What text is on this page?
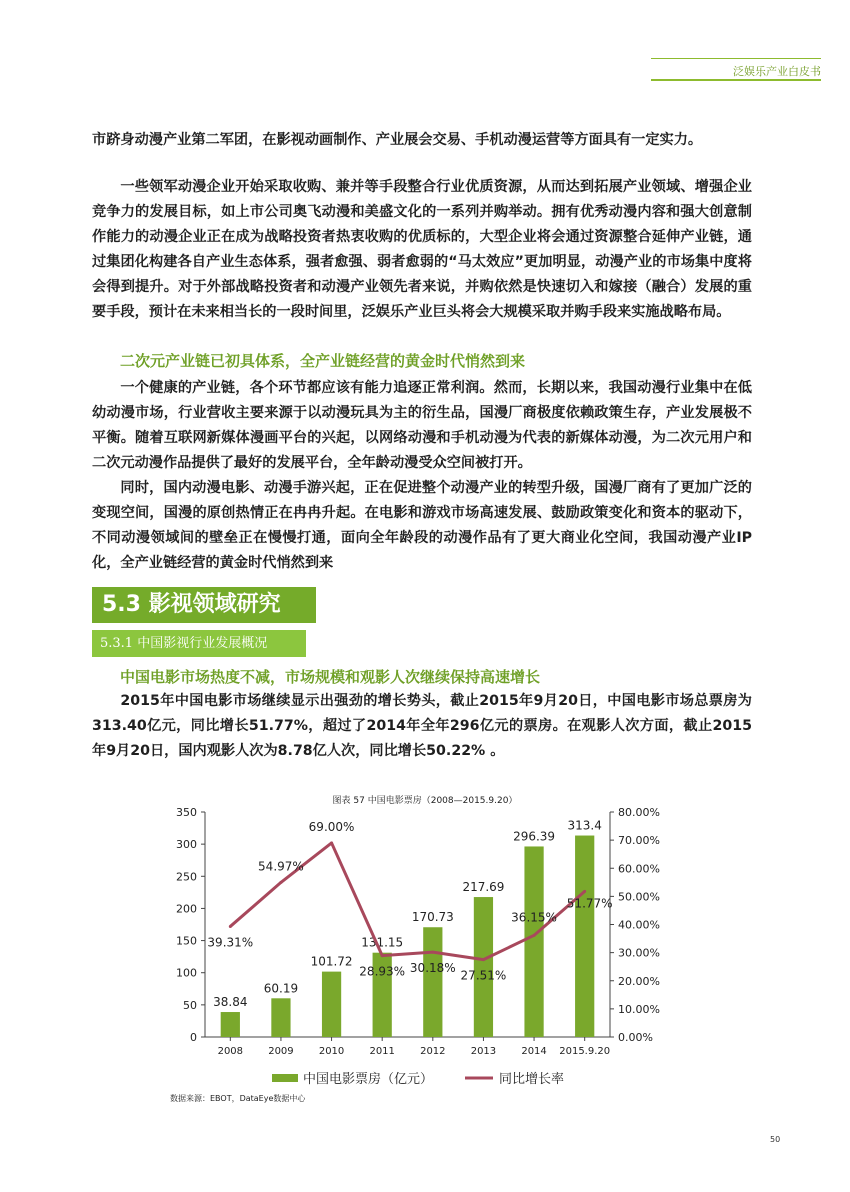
泛娱乐产业白皮书

市跻身动漫产业第二军团，在影视动画制作、产业展会交易、手机动漫运营等方面具有一定实力。

一些领军动漫企业开始采取收购、兼并等手段整合行业优质资源，从而达到拓展产业领域、增强企业竞争力的发展目标，如上市公司奥飞动漫和美盛文化的一系列并购举动。拥有优秀动漫内容和强大创意制作能力的动漫企业正在成为战略投资者热衷收购的优质标的，大型企业将会通过资源整合延伸产业链，通过集团化构建各自产业生态体系，强者愈强、弱者愈弱的“马太效应”更加明显，动漫产业的市场集中度将会得到提升。对于外部战略投资者和动漫产业领先者来说，并购依然是快速切入和嫁接（融合）发展的重要手段，预计在未来相当长的一段时间里，泛娱乐产业巨头将会大规模采取并购手段来实施战略布局。

二次元产业链已初具体系，全产业链经营的黄金时代悄然到来

一个健康的产业链，各个环节都应该有能力追逐正常利润。然而，长期以来，我国动漫行业集中在低幼动漫市场，行业营收主要来源于以动漫玩具为主的衍生品，国漫厂商极度依赖政策生存，产业发展极不平衡。随着互联网新媒体漫画平台的兴起，以网络动漫和手机动漫为代表的新媒体动漫，为二次元用户和二次元动漫作品提供了最好的发展平台，全年龄动漫受众空间被打开。

同时，国内动漫电影、动漫手游兴起，正在促进整个动漫产业的转型升级，国漫厂商有了更加广泛的变现空间，国漫的原创热情正在冉冉升起。在电影和游戏市场高速发展、鼓励政策变化和资本的驱动下，不同动漫领域间的壁垒正在慢慢打通，面向全年龄段的动漫作品有了更大商业化空间，我国动漫产业IP化，全产业链经营的黄金时代悄然到来

5.3 影视领域研究
5.3.1 中国影视行业发展概况
中国电影市场热度不减，市场规模和观影人次继续保持高速增长

2015年中国电影市场继续显示出强劲的增长势头，截止2015年9月20日，中国电影市场总票房为313.40亿元，同比增长51.77%，超过了2014年全年296亿元的票房。在观影人次方面，截止2015年9月20日，国内观影人次为8.78亿人次，同比增长50.22% 。

图表 57 中国电影票房（2008—2015.9.20）
0
50
100
150
200
250
300
350
0.00%
10.00%
20.00%
30.00%
40.00%
50.00%
60.00%
70.00%
80.00%
38.84
2008
60.19
2009
101.72
2010
131.15
2011
170.73
2012
217.69
2013
296.39
2014
313.4
2015.9.20
39.31%
54.97%
69.00%
28.93% 30.18%
27.51%
36.15%
51.77%
中国电影票房（亿元）	同比增长率
数据来源：EBOT，DataEye数据中心
50
